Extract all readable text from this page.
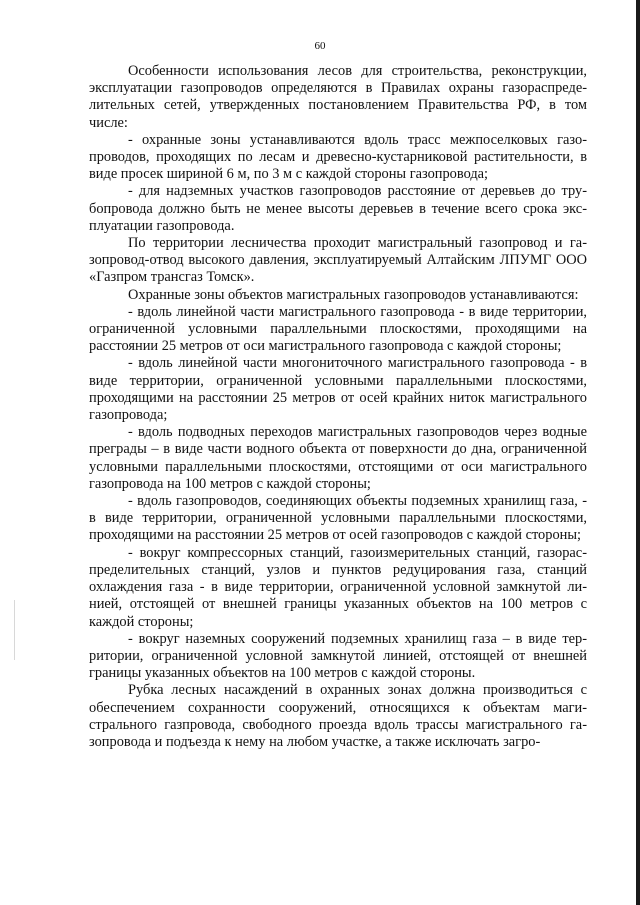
60

Особенности использования лесов для строительства, реконструкции, эксплуатации газопроводов определяются в Правилах охраны газораспределительных сетей, утвержденных постановлением Правительства РФ, в том числе:

- охранные зоны устанавливаются вдоль трасс межпоселковых газопроводов, проходящих по лесам и древесно-кустарниковой растительности, в виде просек шириной 6 м, по 3 м с каждой стороны газопровода;

- для надземных участков газопроводов расстояние от деревьев до трубопровода должно быть не менее высоты деревьев в течение всего срока эксплуатации газопровода.

По территории лесничества проходит магистральный газопровод и газопровод-отвод высокого давления, эксплуатируемый Алтайским ЛПУМГ ООО «Газпром трансгаз Томск».

Охранные зоны объектов магистральных газопроводов устанавливаются:

- вдоль линейной части магистрального газопровода - в виде территории, ограниченной условными параллельными плоскостями, проходящими на расстоянии 25 метров от оси магистрального газопровода с каждой стороны;

- вдоль линейной части многониточного магистрального газопровода - в виде территории, ограниченной условными параллельными плоскостями, проходящими на расстоянии 25 метров от осей крайних ниток магистрального газопровода;

- вдоль подводных переходов магистральных газопроводов через водные преграды – в виде части водного объекта от поверхности до дна, ограниченной условными параллельными плоскостями, отстоящими от оси магистрального газопровода на 100 метров с каждой стороны;

- вдоль газопроводов, соединяющих объекты подземных хранилищ газа, - в виде территории, ограниченной условными параллельными плоскостями, проходящими на расстоянии 25 метров от осей газопроводов с каждой стороны;

- вокруг компрессорных станций, газоизмерительных станций, газораспределительных станций, узлов и пунктов редуцирования газа, станций охлаждения газа - в виде территории, ограниченной условной замкнутой линией, отстоящей от внешней границы указанных объектов на 100 метров с каждой стороны;

- вокруг наземных сооружений подземных хранилищ газа – в виде территории, ограниченной условной замкнутой линией, отстоящей от внешней границы указанных объектов на 100 метров с каждой стороны.

Рубка лесных насаждений в охранных зонах должна производиться с обеспечением сохранности сооружений, относящихся к объектам магистрального газпровода, свободного проезда вдоль трассы магистрального газопровода и подъезда к нему на любом участке, а также исключать загро-
